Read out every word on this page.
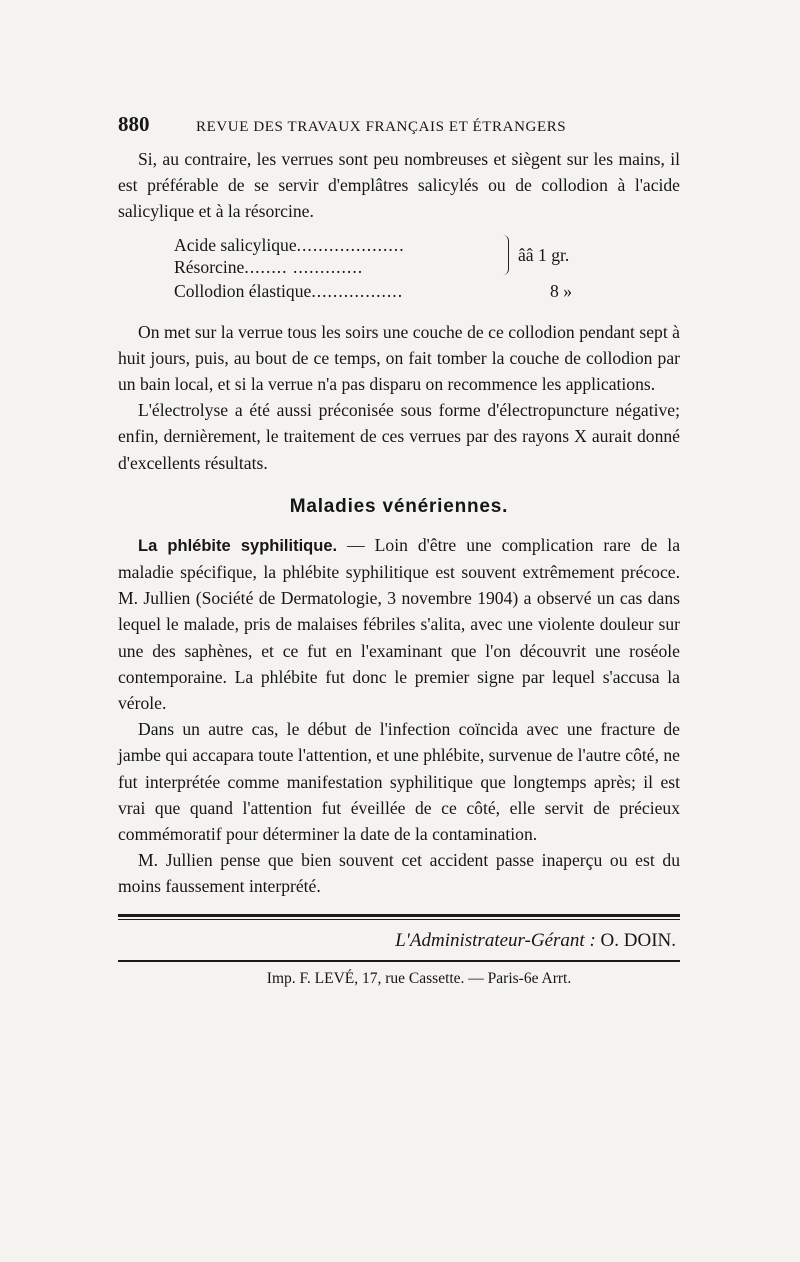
880	REVUE DES TRAVAUX FRANÇAIS ET ÉTRANGERS

Si, au contraire, les verrues sont peu nombreuses et siègent sur les mains, il est préférable de se servir d'emplâtres salicylés ou de collodion à l'acide salicylique et à la résorcine.

Acide salicylique....................
Résorcine........ .............
Collodion élastique.................
ââ 1 gr.
8 »

On met sur la verrue tous les soirs une couche de ce collodion pendant sept à huit jours, puis, au bout de ce temps, on fait tomber la couche de collodion par un bain local, et si la verrue n'a pas disparu on recommence les applications.

L'électrolyse a été aussi préconisée sous forme d'électropuncture négative; enfin, dernièrement, le traitement de ces verrues par des rayons X aurait donné d'excellents résultats.

Maladies vénériennes.

La phlébite syphilitique. — Loin d'être une complication rare de la maladie spécifique, la phlébite syphilitique est souvent extrêmement précoce. M. Jullien (Société de Dermatologie, 3 novembre 1904) a observé un cas dans lequel le malade, pris de malaises fébriles s'alita, avec une violente douleur sur une des saphènes, et ce fut en l'examinant que l'on découvrit une roséole contemporaine. La phlébite fut donc le premier signe par lequel s'accusa la vérole.

Dans un autre cas, le début de l'infection coïncida avec une fracture de jambe qui accapara toute l'attention, et une phlébite, survenue de l'autre côté, ne fut interprétée comme manifestation syphilitique que longtemps après; il est vrai que quand l'attention fut éveillée de ce côté, elle servit de précieux commémoratif pour déterminer la date de la contamination.

M. Jullien pense que bien souvent cet accident passe inaperçu ou est du moins faussement interprété.

L'Administrateur-Gérant : O. DOIN.
Imp. F. LEVÉ, 17, rue Cassette. — Paris-6e Arrt.
